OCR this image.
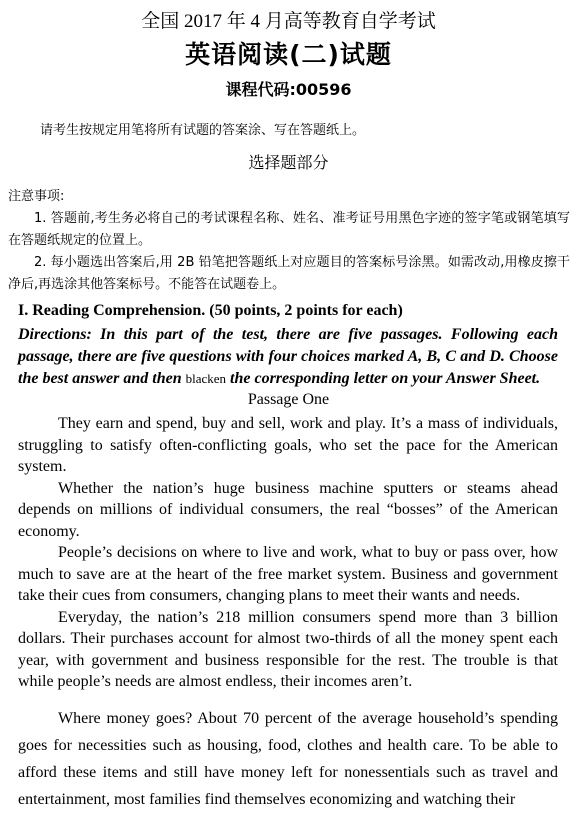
全国 2017 年 4 月高等教育自学考试
英语阅读(二)试题
课程代码:00596
请考生按规定用笔将所有试题的答案涂、写在答题纸上。
选择题部分
注意事项:
1. 答题前,考生务必将自己的考试课程名称、姓名、准考证号用黑色字迹的签字笔或钢笔填写在答题纸规定的位置上。
2. 每小题选出答案后,用 2B 铅笔把答题纸上对应题目的答案标号涂黑。如需改动,用橡皮擦干净后,再选涂其他答案标号。不能答在试题卷上。
I. Reading Comprehension. (50 points, 2 points for each)
Directions: In this part of the test, there are five passages. Following each passage, there are five questions with four choices marked A, B, C and D. Choose the best answer and then blacken the corresponding letter on your Answer Sheet.
Passage One

They earn and spend, buy and sell, work and play. It’s a mass of individuals, struggling to satisfy often-conflicting goals, who set the pace for the American system.

Whether the nation’s huge business machine sputters or steams ahead depends on millions of individual consumers, the real “bosses” of the American economy.

People’s decisions on where to live and work, what to buy or pass over, how much to save are at the heart of the free market system. Business and government take their cues from consumers, changing plans to meet their wants and needs.

Everyday, the nation’s 218 million consumers spend more than 3 billion dollars. Their purchases account for almost two-thirds of all the money spent each year, with government and business responsible for the rest. The trouble is that while people’s needs are almost endless, their incomes aren’t.

Where money goes? About 70 percent of the average household’s spending goes for necessities such as housing, food, clothes and health care. To be able to afford these items and still have money left for nonessentials such as travel and entertainment, most families find themselves economizing and watching their
